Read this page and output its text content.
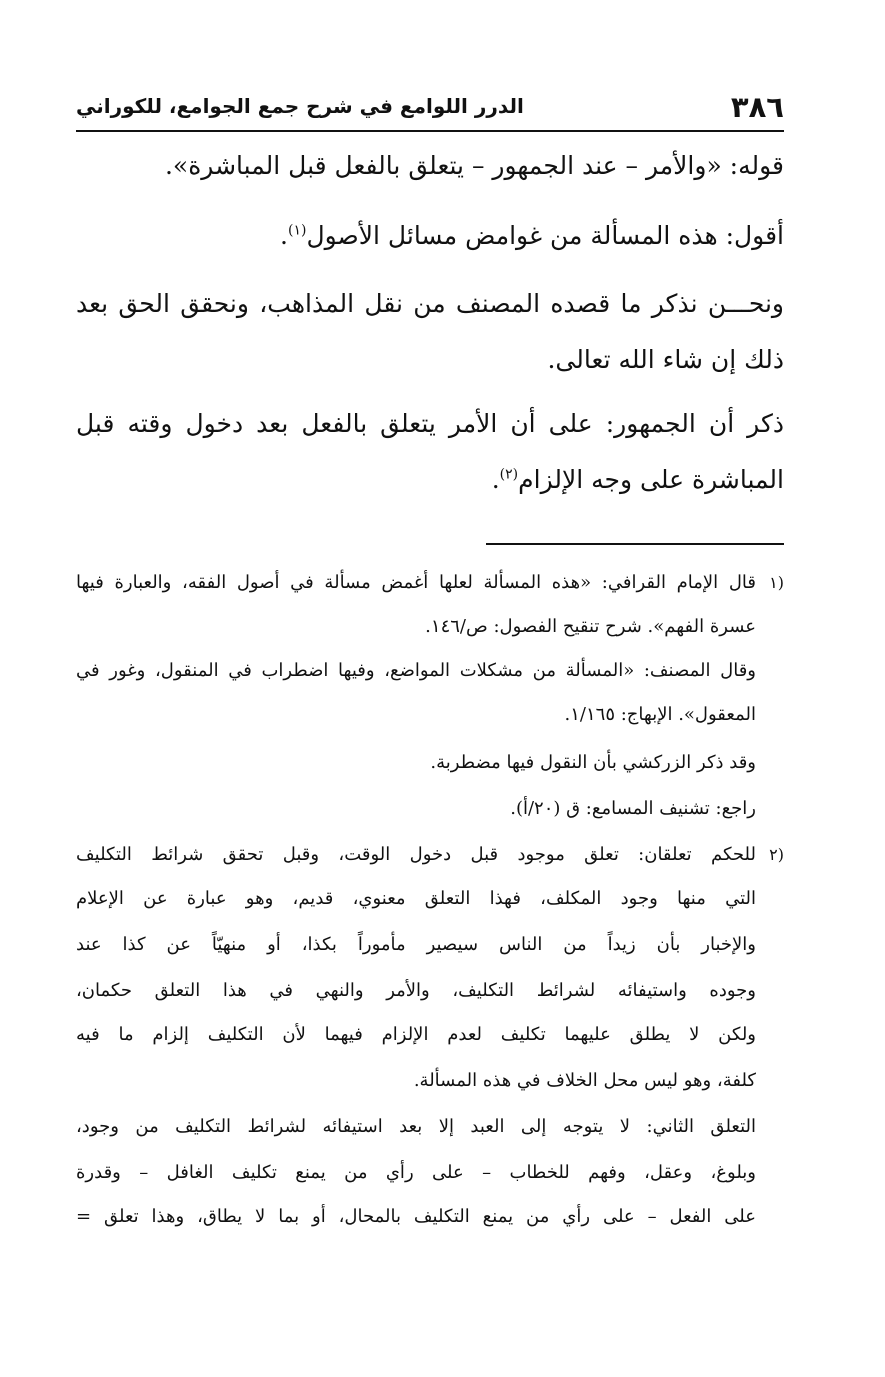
٣٨٦
الدرر اللوامع في شرح جمع الجوامع، للكوراني
قوله: «والأمر – عند الجمهور – يتعلق بالفعل قبل المباشرة».
أقول: هذه المسألة من غوامض مسائل الأصول$^{(١)}$.
ونحـــن نذكر ما قصده المصنف من نقل المذاهب، ونحقق الحق بعد
ذلك إن شاء الله تعالى.
ذكر أن الجمهور: على أن الأمر يتعلق بالفعل بعد دخول وقته قبل
المباشرة على وجه الإلزام$^{(٢)}$.
(١
قال الإمام القرافي: «هذه المسألة لعلها أغمض مسألة في أصول الفقه، والعبارة فيها
عسرة الفهم». شرح تنقيح الفصول: ص/١٤٦.
وقال المصنف: «المسألة من مشكلات المواضع، وفيها اضطراب في المنقول، وغور في
المعقول». الإبهاج: ١/١٦٥.
وقد ذكر الزركشي بأن النقول فيها مضطربة.
راجع: تشنيف المسامع: ق (٢٠/أ).
(٢
للحكم تعلقان: تعلق موجود قبل دخول الوقت، وقبل تحقق شرائط التكليف
التي منها وجود المكلف، فهذا التعلق معنوي، قديم، وهو عبارة عن الإعلام
والإخبار بأن زيداً من الناس سيصير مأموراً بكذا، أو منهيّاً عن كذا عند
وجوده واستيفائه لشرائط التكليف، والأمر والنهي في هذا التعلق حكمان،
ولكن لا يطلق عليهما تكليف لعدم الإلزام فيهما لأن التكليف إلزام ما فيه
كلفة، وهو ليس محل الخلاف في هذه المسألة.
التعلق الثاني: لا يتوجه إلى العبد إلا بعد استيفائه لشرائط التكليف من وجود،
وبلوغ، وعقل، وفهم للخطاب – على رأي من يمنع تكليف الغافل – وقدرة
على الفعل – على رأي من يمنع التكليف بالمحال، أو بما لا يطاق، وهذا تعلق =
